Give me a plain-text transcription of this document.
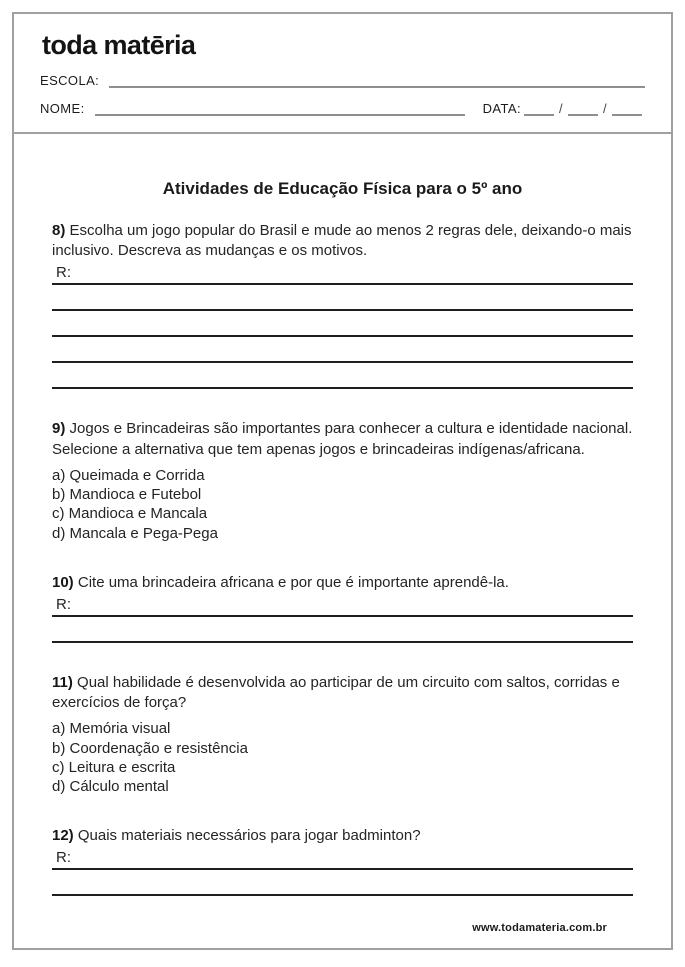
toda matēria
ESCOLA:
NOME:	DATA:	/	/
Atividades de Educação Física para o 5º ano

8) Escolha um jogo popular do Brasil e mude ao menos 2 regras dele, deixando-o mais inclusivo. Descreva as mudanças e os motivos.

R:

9) Jogos e Brincadeiras são importantes para conhecer a cultura e identidade nacional. Selecione a alternativa que tem apenas jogos e brincadeiras indígenas/africana.

a) Queimada e Corrida
b) Mandioca e Futebol
c) Mandioca e Mancala
d) Mancala e Pega-Pega

10) Cite uma brincadeira africana e por que é importante aprendê-la.

R:

11) Qual habilidade é desenvolvida ao participar de um circuito com saltos, corridas e exercícios de força?

a) Memória visual
b) Coordenação e resistência
c) Leitura e escrita
d) Cálculo mental

12) Quais materiais necessários para jogar badminton?

R:
www.todamateria.com.br
